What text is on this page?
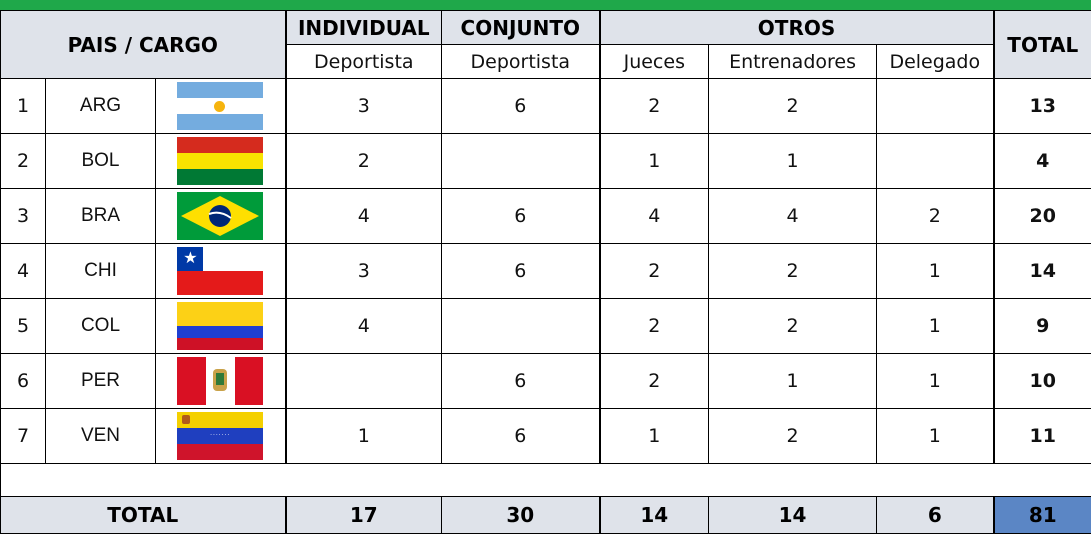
PAIS / CARGO			INDIVIDUAL	CONJUNTO	OTROS			TOTAL
			Deportista	Deportista	Jueces	Entrenadores	Delegado	
1	ARG		3	6	2	2		13
2	BOL		2		1	1		4
3	BRA		4	6	4	4	2	20
4	CHI	★	3	6	2	2	1	14
5	COL		4		2	2	1	9
6	PER			6	2	1	1	10
7	VEN	·······	1	6	1	2	1	11

TOTAL			17	30	14	14	6	81
